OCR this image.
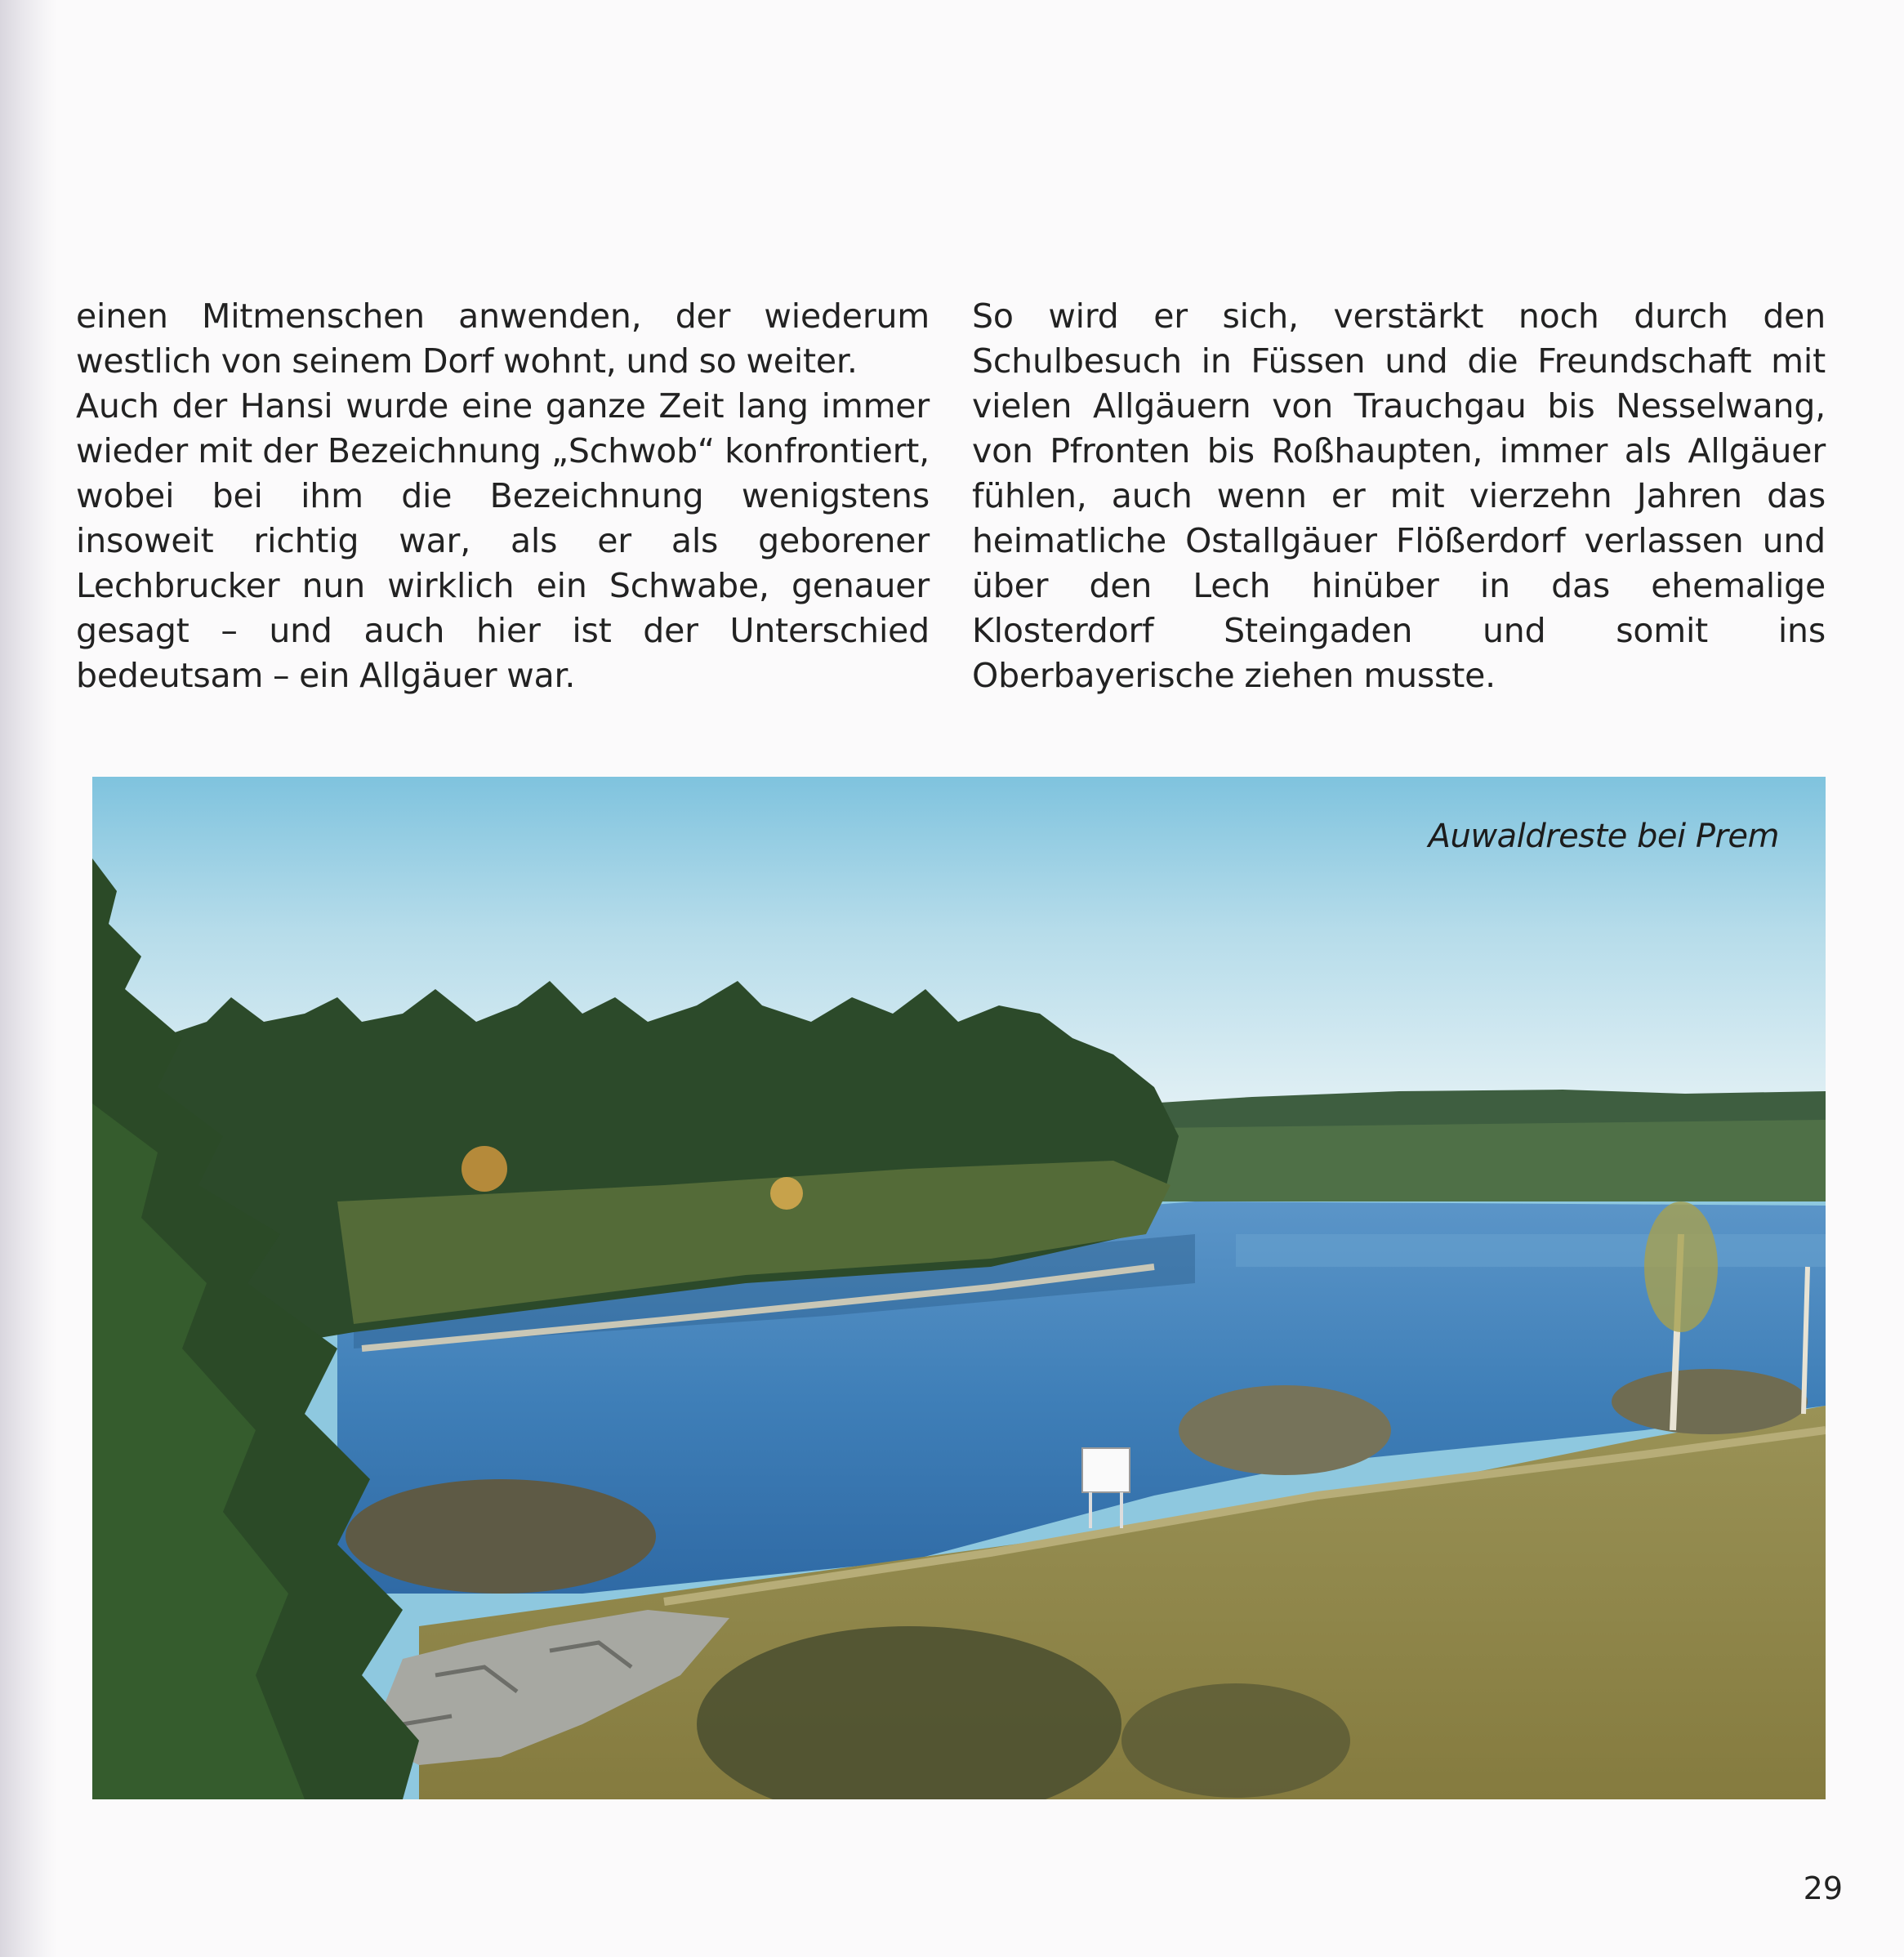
einen Mitmenschen anwenden, der wiederum westlich von seinem Dorf wohnt, und so weiter.

Auch der Hansi wurde eine ganze Zeit lang immer wieder mit der Bezeichnung „Schwob“ konfrontiert, wobei bei ihm die Bezeichnung wenigstens insoweit richtig war, als er als geborener Lechbrucker nun wirklich ein Schwabe, genauer gesagt – und auch hier ist der Unterschied bedeutsam – ein Allgäuer war.

So wird er sich, verstärkt noch durch den Schulbesuch in Füssen und die Freundschaft mit vielen Allgäuern von Trauchgau bis Nesselwang, von Pfronten bis Roßhaupten, immer als Allgäuer fühlen, auch wenn er mit vierzehn Jahren das heimatliche Ostallgäuer Flößerdorf verlassen und über den Lech hinüber in das ehemalige Klosterdorf Steingaden und somit ins Oberbayerische ziehen musste.

Auwaldreste bei Prem
29
